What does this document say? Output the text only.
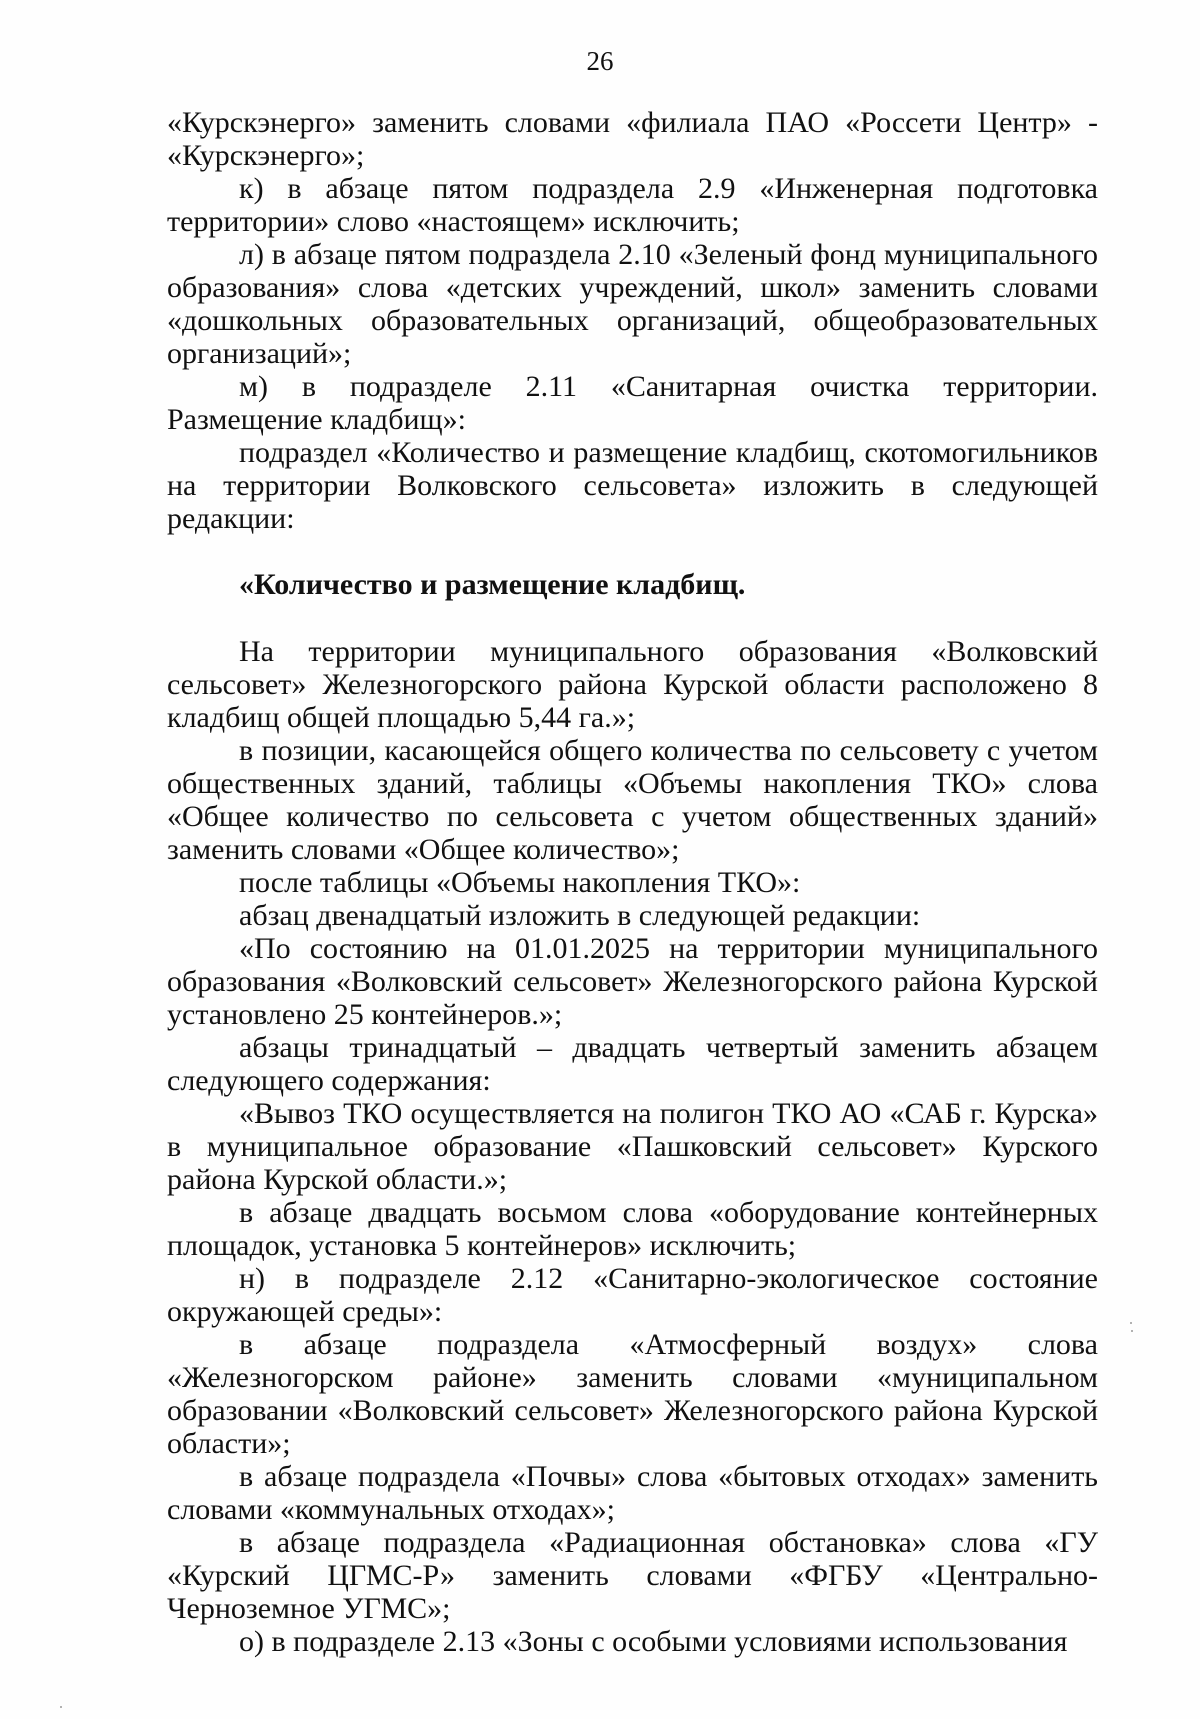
26

«Курскэнерго» заменить словами «филиала ПАО «Россети Центр» - «Курскэнерго»;

к) в абзаце пятом подраздела 2.9 «Инженерная подготовка территории» слово «настоящем» исключить;

л) в абзаце пятом подраздела 2.10 «Зеленый фонд муниципального образования» слова «детских учреждений, школ» заменить словами «дошкольных образовательных организаций, общеобразовательных организаций»;

м) в подразделе 2.11 «Санитарная очистка территории. Размещение кладбищ»:

подраздел «Количество и размещение кладбищ, скотомогильников на территории Волковского сельсовета» изложить в следующей редакции:

«Количество и размещение кладбищ.

На территории муниципального образования «Волковский сельсовет» Железногорского района Курской области расположено 8 кладбищ общей площадью 5,44 га.»;

в позиции, касающейся общего количества по сельсовету с учетом общественных зданий, таблицы «Объемы накопления ТКО» слова «Общее количество по сельсовета с учетом общественных зданий» заменить словами «Общее количество»;

после таблицы «Объемы накопления ТКО»:

абзац двенадцатый изложить в следующей редакции:

«По состоянию на 01.01.2025 на территории муниципального образования «Волковский сельсовет» Железногорского района Курской установлено 25 контейнеров.»;

абзацы тринадцатый – двадцать четвертый заменить абзацем следующего содержания:

«Вывоз ТКО осуществляется на полигон ТКО АО «САБ г. Курска» в муниципальное образование «Пашковский сельсовет» Курского района Курской области.»;

в абзаце двадцать восьмом слова «оборудование контейнерных площадок, установка 5 контейнеров» исключить;

н) в подразделе 2.12 «Санитарно-экологическое состояние окружающей среды»:

в абзаце подраздела «Атмосферный воздух» слова «Железногорском районе» заменить словами «муниципальном образовании «Волковский сельсовет» Железногорского района Курской области»;

в абзаце подраздела «Почвы» слова «бытовых отходах» заменить словами «коммунальных отходах»;

в абзаце подраздела «Радиационная обстановка» слова «ГУ «Курский ЦГМС-Р» заменить словами «ФГБУ «Центрально-Черноземное УГМС»;

о) в подразделе 2.13 «Зоны с особыми условиями использования
